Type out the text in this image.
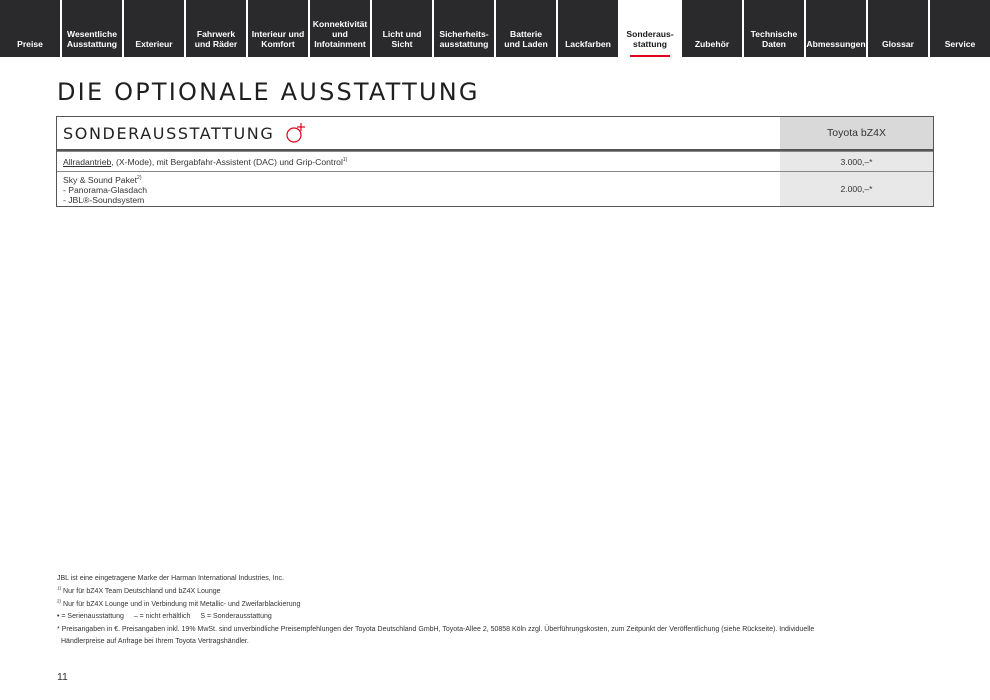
Preise
Wesentliche
Ausstattung Exterieur
Fahrwerk
und Räder
Interieur und
Komfort
Konnektivität
und
Infotainment
Licht und Sicht
Sicherheits-
ausstattung
Batterie
und Laden Lackfarben
Sonderaus-
stattung	Zubehör
Technische
Daten	Abmessungen Glossar	Service
DIE OPTIONALE AUSSTATTUNG
SONDERAUSSTATTUNG	Toyota bZ4X
Allradantrieb, (X-Mode), mit Bergabfahr-Assistent (DAC) und Grip-Control$^{1)}$	3.000,–*
Sky & Sound Paket$^{2)}$
- Panorama-Glasdach
- JBL®-Soundsystem
2.000,–*
JBL ist eine eingetragene Marke der Harman International Industries, Inc.
$^{1)}$ Nur für bZ4X Team Deutschland und bZ4X Lounge
$^{2)}$ Nur für bZ4X Lounge und in Verbindung mit Metallic- und Zweifarblackierung
• = Serienausstattung – = nicht erhältlich S = Sonderausstattung
* Preisangaben in €. Preisangaben inkl. 19% MwSt. sind unverbindliche Preisempfehlungen der Toyota Deutschland GmbH, Toyota-Allee 2, 50858 Köln zzgl. Überführungskosten, zum Zeitpunkt der Veröffentlichung (siehe Rückseite). Individuelle
Händlerpreise auf Anfrage bei Ihrem Toyota Vertragshändler.
11
